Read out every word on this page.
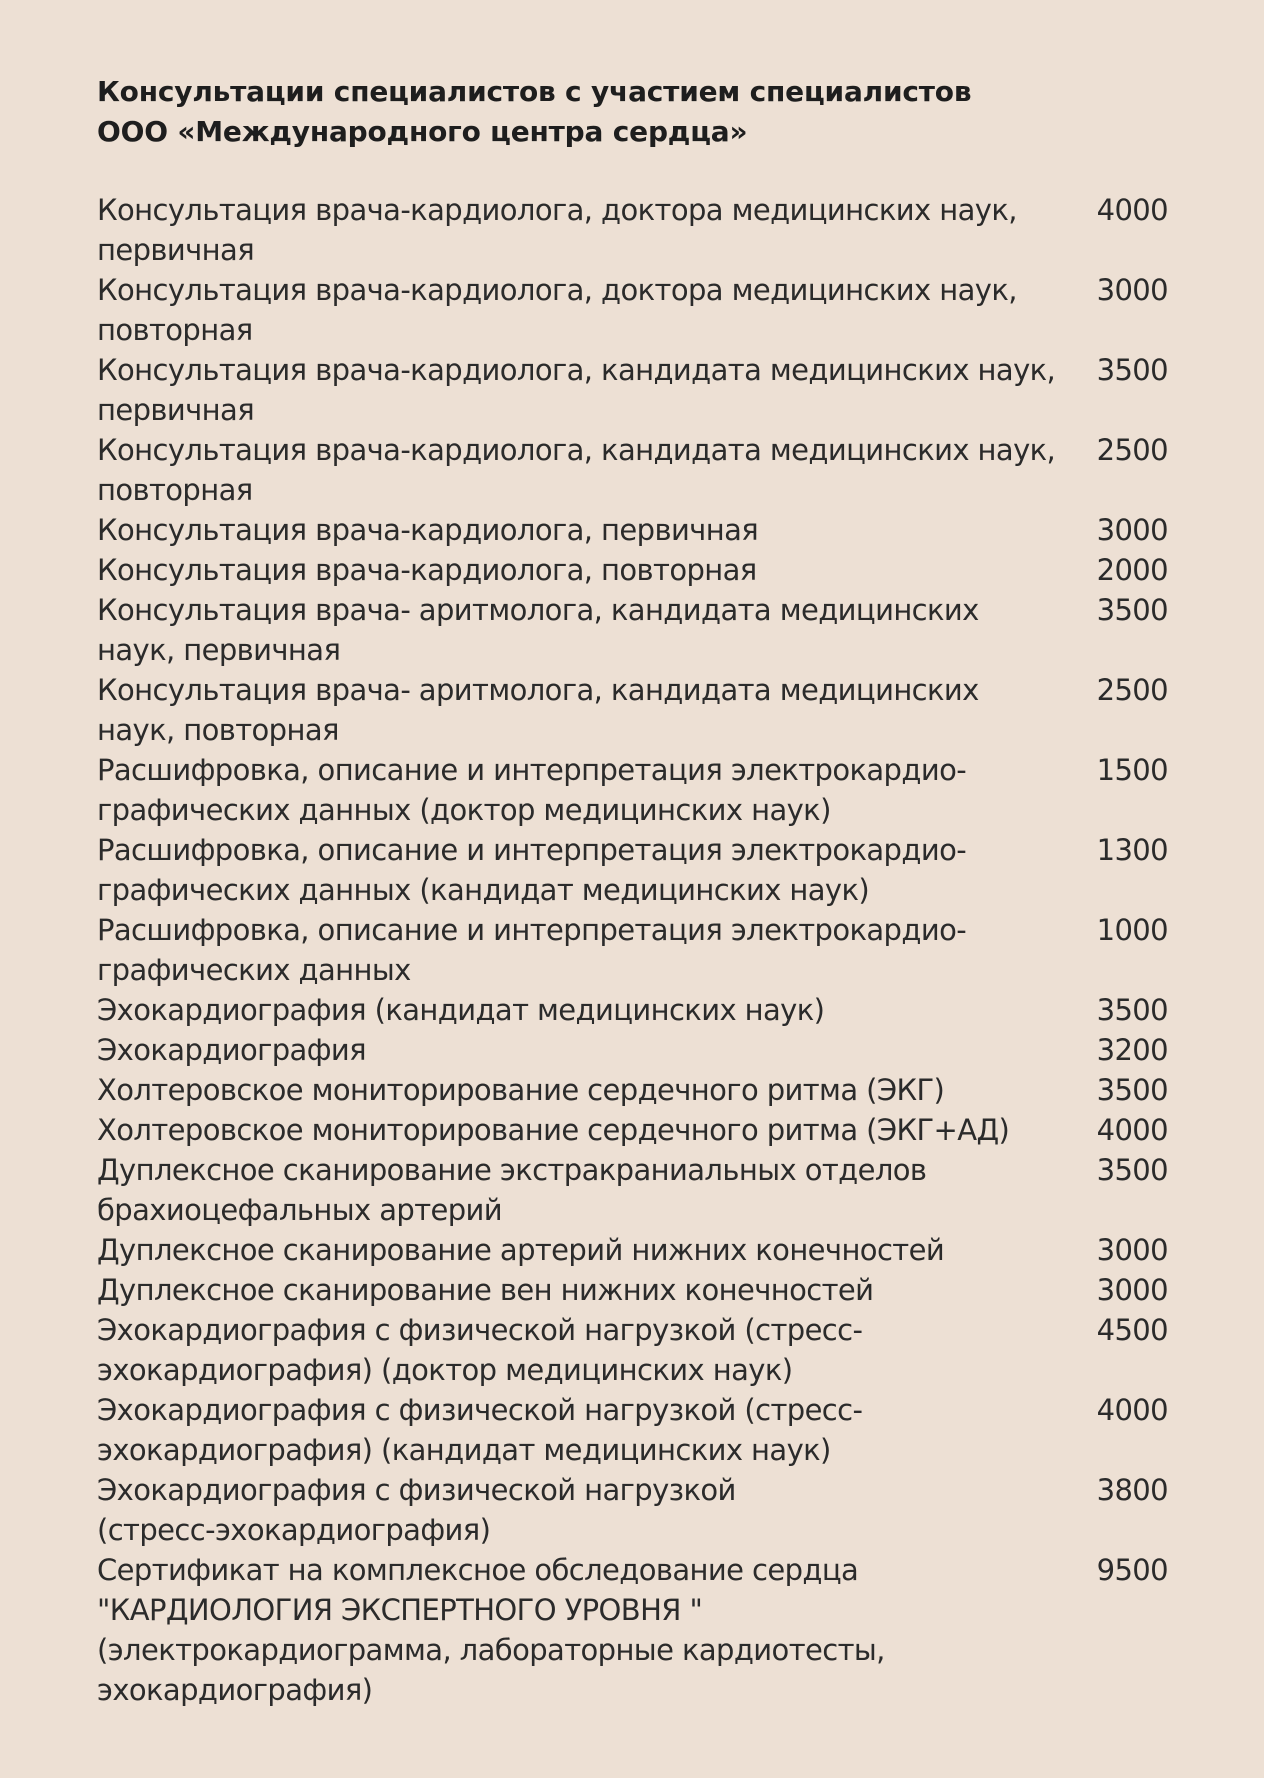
Консультации специалистов с участием специалистов
ООО «Международного центра сердца»
Консультация врача-кардиолога, доктора медицинских наук,
первичная
4000
Консультация врача-кардиолога, доктора медицинских наук,
повторная
3000
Консультация врача-кардиолога, кандидата медицинских наук,
первичная
3500
Консультация врача-кардиолога, кандидата медицинских наук,
повторная
2500
Консультация врача-кардиолога, первичная	3000
Консультация врача-кардиолога, повторная	2000
Консультация врача- аритмолога, кандидата медицинских
наук, первичная
3500
Консультация врача- аритмолога, кандидата медицинских
наук, повторная
2500
Расшифровка, описание и интерпретация электрокардио-
графических данных (доктор медицинских наук)
1500
Расшифровка, описание и интерпретация электрокардио-
графических данных (кандидат медицинских наук)
1300
Расшифровка, описание и интерпретация электрокардио-
графических данных
1000
Эхокардиография (кандидат медицинских наук)	3500
Эхокардиография	3200
Холтеровское мониторирование сердечного ритма (ЭКГ)	3500
Холтеровское мониторирование сердечного ритма (ЭКГ+АД)	4000
Дуплексное сканирование экстракраниальных отделов
брахиоцефальных артерий
3500
Дуплексное сканирование артерий нижних конечностей	3000
Дуплексное сканирование вен нижних конечностей	3000
Эхокардиография с физической нагрузкой (стресс-
эхокардиография) (доктор медицинских наук)
4500
Эхокардиография с физической нагрузкой (стресс-
эхокардиография) (кандидат медицинских наук)
4000
Эхокардиография с физической нагрузкой
(стресс-эхокардиография)
3800
Сертификат на комплексное обследование сердца
"КАРДИОЛОГИЯ ЭКСПЕРТНОГО УРОВНЯ "
(электрокардиограмма, лабораторные кардиотесты,
эхокардиография)
9500
